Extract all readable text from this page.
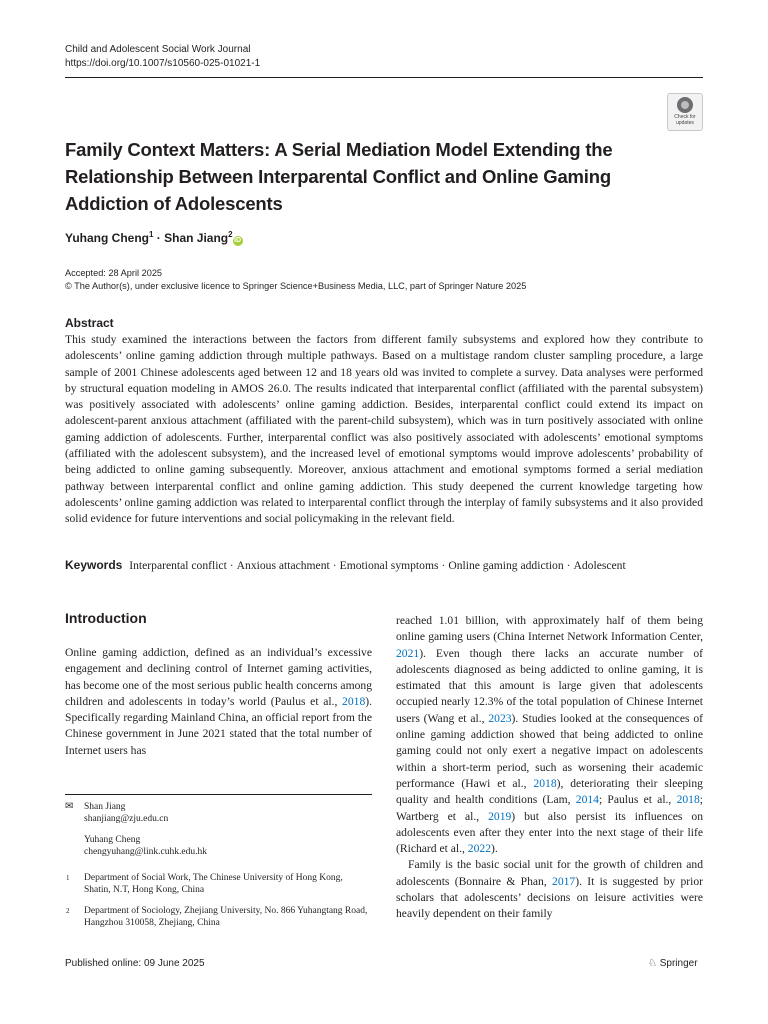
Child and Adolescent Social Work Journal
https://doi.org/10.1007/s10560-025-01021-1
Check for
updates
Family Context Matters: A Serial Mediation Model Extending the Relationship Between Interparental Conflict and Online Gaming Addiction of Adolescents
Yuhang Cheng$^1$ · Shan Jiang$^2$iD
Accepted: 28 April 2025
© The Author(s), under exclusive licence to Springer Science+Business Media, LLC, part of Springer Nature 2025
Abstract

This study examined the interactions between the factors from different family subsystems and explored how they contribute to adolescents’ online gaming addiction through multiple pathways. Based on a multistage random cluster sampling procedure, a large sample of 2001 Chinese adolescents aged between 12 and 18 years old was invited to complete a survey. Data analyses were performed by structural equation modeling in AMOS 26.0. The results indicated that interparental conflict (affiliated with the parental subsystem) was positively associated with adolescents’ online gaming addiction. Besides, interparental conflict could extend its impact on adolescent-parent anxious attachment (affiliated with the parent-child subsystem), which was in turn positively associated with online gaming addiction of adolescents. Further, interparental conflict was also positively associated with adolescents’ emotional symptoms (affiliated with the adolescent subsystem), and the increased level of emotional symptoms would improve adolescents’ probability of being addicted to online gaming subsequently. Moreover, anxious attachment and emotional symptoms formed a serial mediation pathway between interparental conflict and online gaming addiction. This study deepened the current knowledge targeting how adolescents’ online gaming addiction was related to interparental conflict through the interplay of family subsystems and it also provided solid evidence for future interventions and social policymaking in the relevant field.

Keywords Interparental conflict · Anxious attachment · Emotional symptoms · Online gaming addiction · Adolescent
Introduction

Online gaming addiction, defined as an individual’s excessive engagement and declining control of Internet gaming activities, has become one of the most serious public health concerns among children and adolescents in today’s world (Paulus et al., 2018). Specifically regarding Mainland China, an official report from the Chinese government in June 2021 stated that the total number of Internet users has

reached 1.01 billion, with approximately half of them being online gaming users (China Internet Network Information Center, 2021). Even though there lacks an accurate number of adolescents diagnosed as being addicted to online gaming, it is estimated that this amount is large given that adolescents occupied nearly 12.3% of the total population of Chinese Internet users (Wang et al., 2023). Studies looked at the consequences of online gaming addiction showed that being addicted to online gaming could not only exert a negative impact on adolescents within a short-term period, such as worsening their academic performance (Hawi et al., 2018), deteriorating their sleeping quality and health conditions (Lam, 2014; Paulus et al., 2018; Wartberg et al., 2019) but also persist its influences on adolescents even after they enter into the next stage of their life (Richard et al., 2022).

Family is the basic social unit for the growth of children and adolescents (Bonnaire & Phan, 2017). It is suggested by prior scholars that adolescents’ decisions on leisure activities were heavily dependent on their family

✉ Shan Jiang
shanjiang@zju.edu.cn
Yuhang Cheng
chengyuhang@link.cuhk.edu.hk
1 Department of Social Work, The Chinese University of Hong Kong, Shatin, N.T, Hong Kong, China
2 Department of Sociology, Zhejiang University, No. 866 Yuhangtang Road, Hangzhou 310058, Zhejiang, China
Published online: 09 June 2025	♘ Springer
